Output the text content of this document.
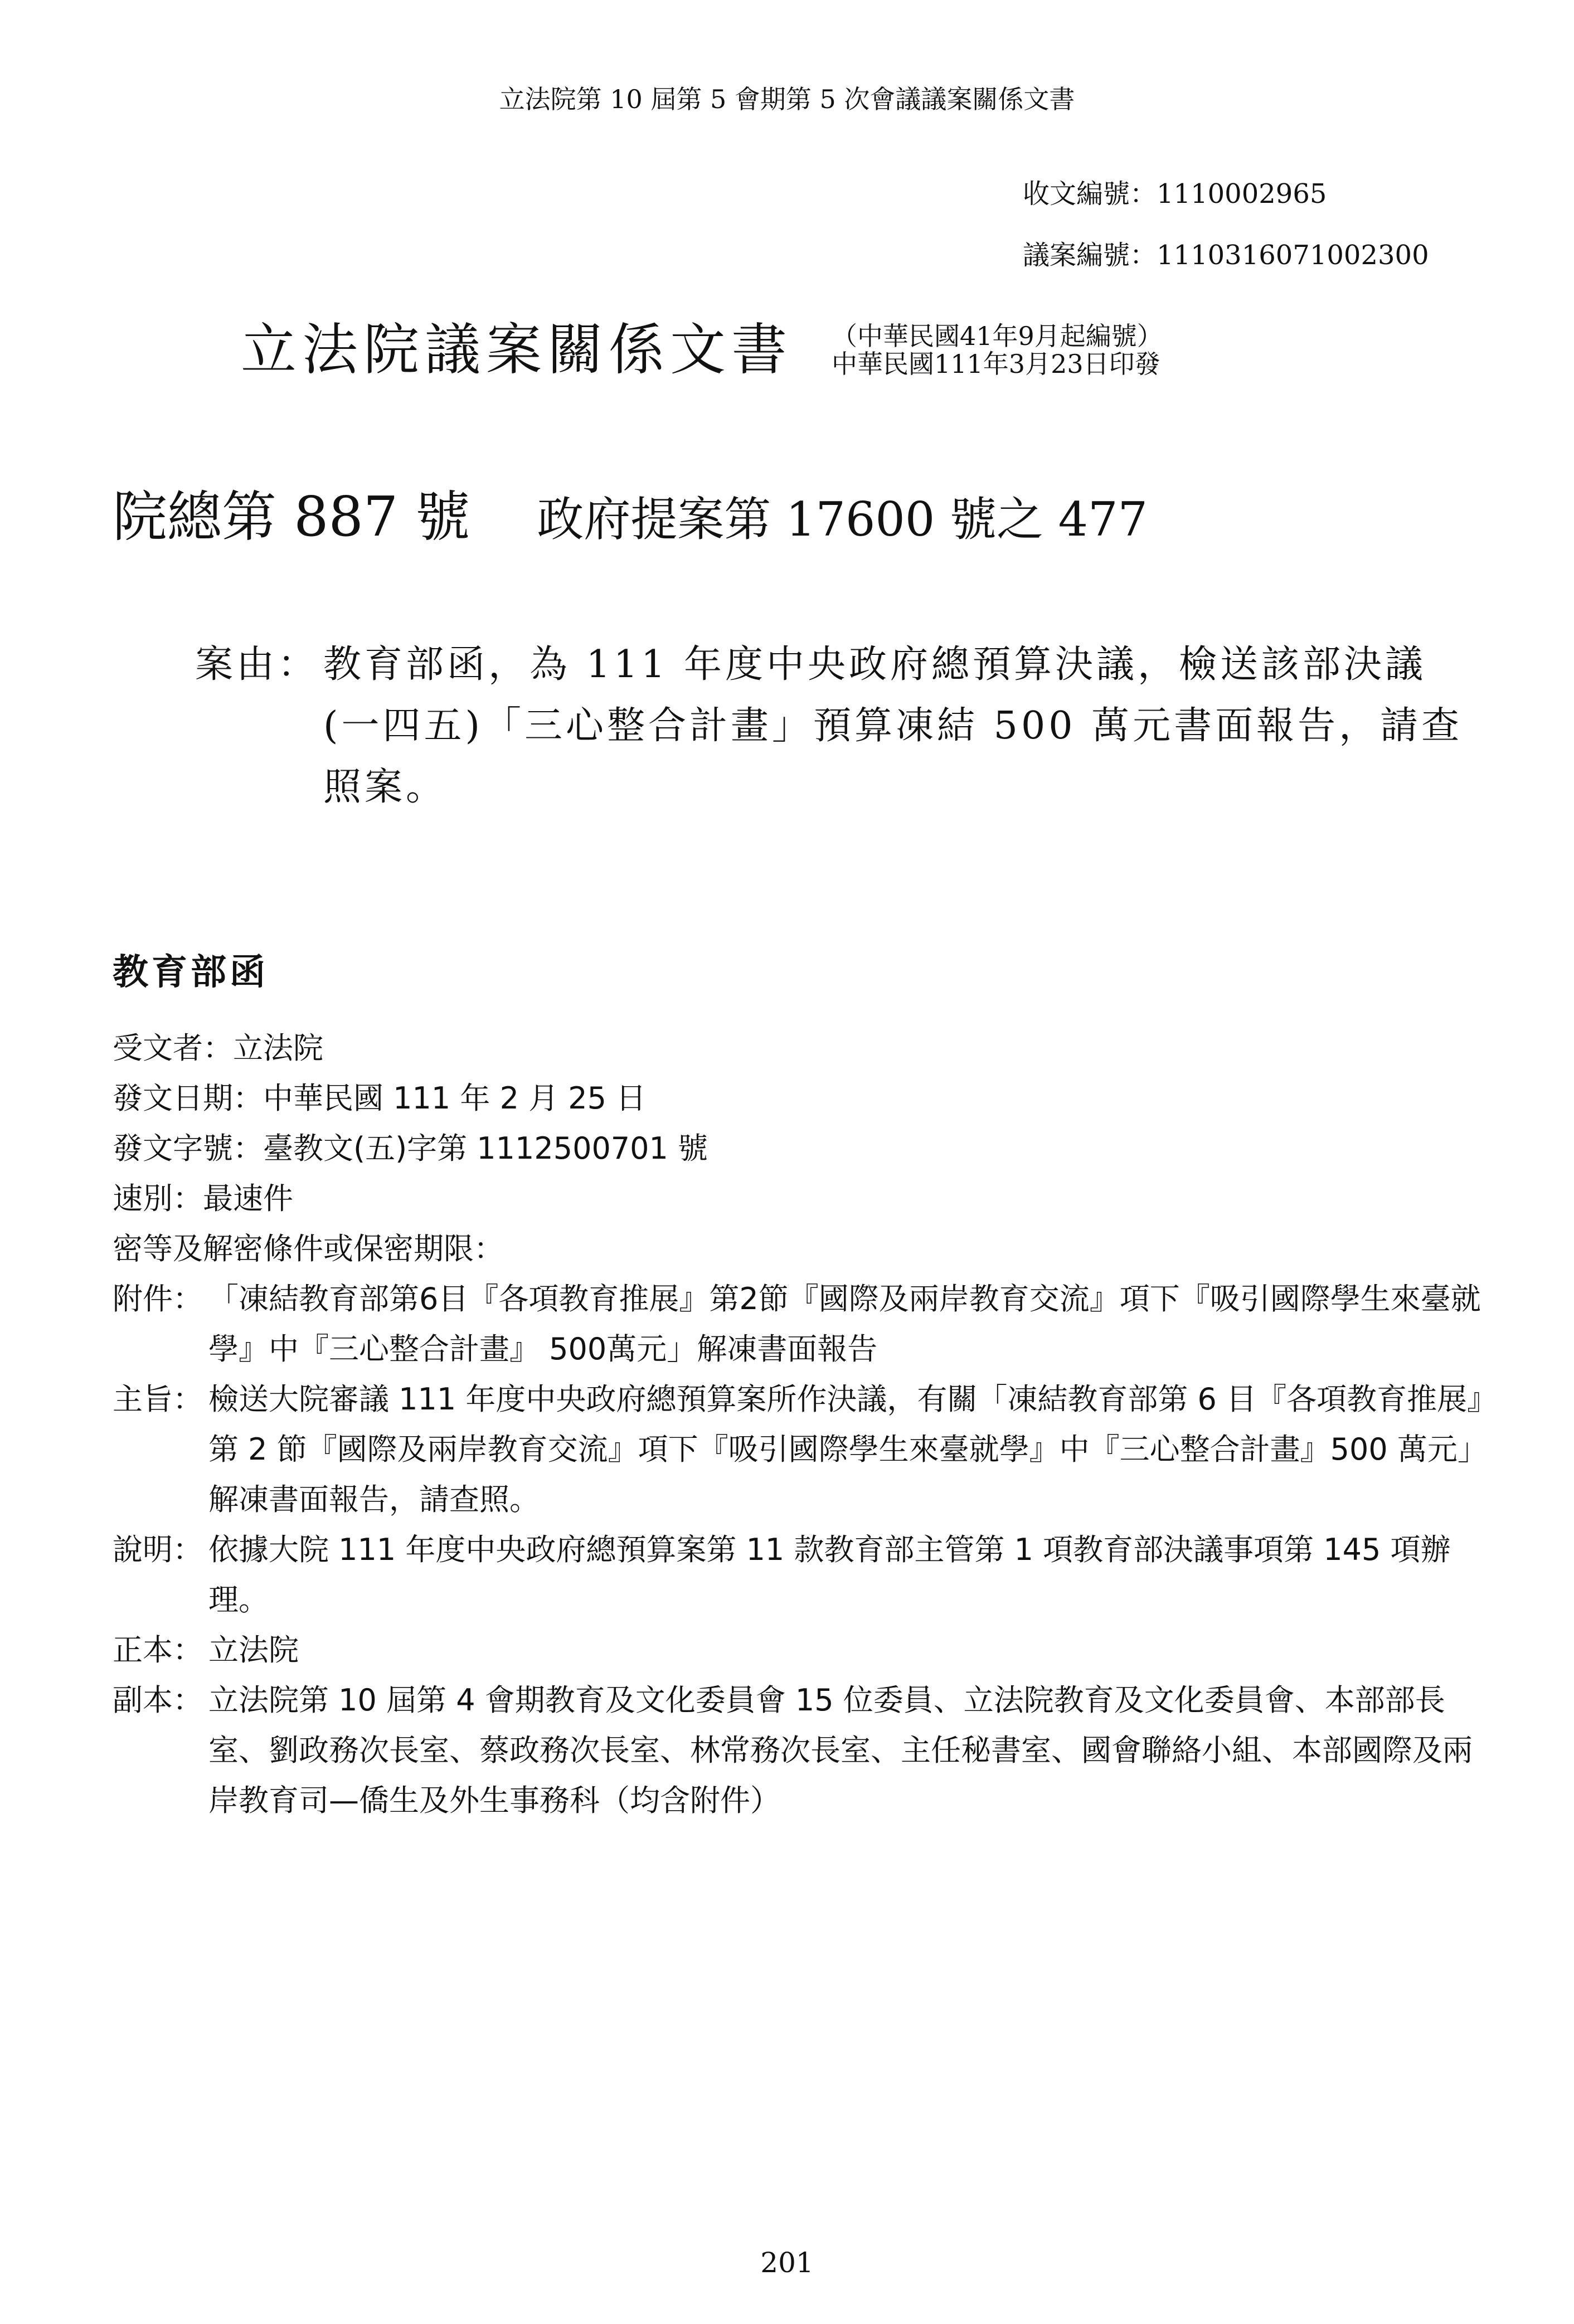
立法院第 10 屆第 5 會期第 5 次會議議案關係文書
收文編號：1110002965
議案編號：1110316071002300
立法院議案關係文書 （中華民國41年9月起編號）
中華民國111年3月23日印發
院總第 887 號 政府提案第 17600 號之 477
案由： 教育部函，為 111 年度中央政府總預算決議，檢送該部決議(一四五)「三心整合計畫」預算凍結 500 萬元書面報告，請查照案。
教育部函
受文者： 立法院
發文日期： 中華民國 111 年 2 月 25 日
發文字號： 臺教文(五)字第 1112500701 號
速別： 最速件
密等及解密條件或保密期限：
附件： 「凍結教育部第6目『各項教育推展』第2節『國際及兩岸教育交流』項下『吸引國際學生來臺就學』中『三心整合計畫』 500萬元」解凍書面報告
主旨： 檢送大院審議 111 年度中央政府總預算案所作決議，有關「凍結教育部第 6 目『各項教育推展』第 2 節『國際及兩岸教育交流』項下『吸引國際學生來臺就學』中『三心整合計畫』500 萬元」解凍書面報告，請查照。
說明： 依據大院 111 年度中央政府總預算案第 11 款教育部主管第 1 項教育部決議事項第 145 項辦理。
正本： 立法院
副本： 立法院第 10 屆第 4 會期教育及文化委員會 15 位委員、立法院教育及文化委員會、本部部長室、劉政務次長室、蔡政務次長室、林常務次長室、主任秘書室、國會聯絡小組、本部國際及兩岸教育司—僑生及外生事務科（均含附件）
201
